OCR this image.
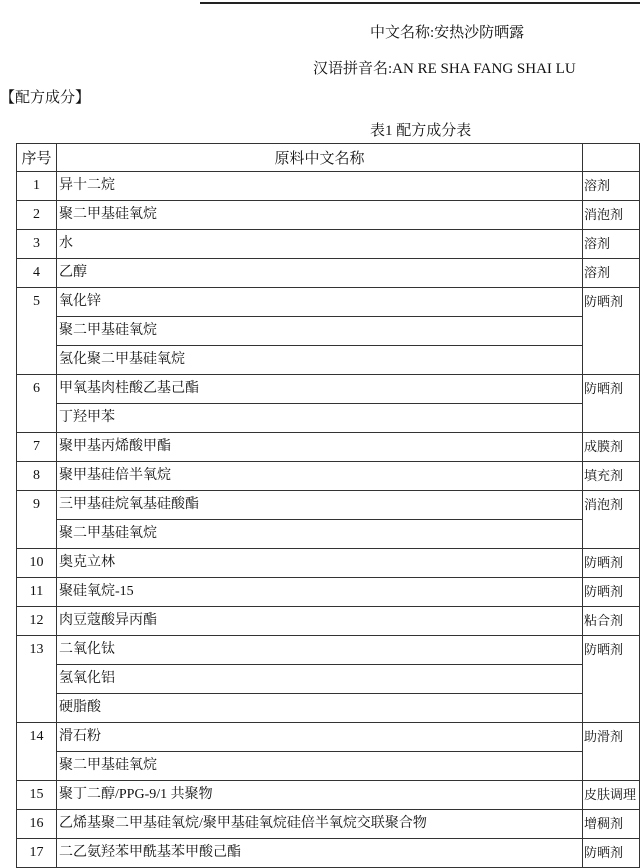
中文名称:安热沙防晒露
汉语拼音名:AN RE SHA FANG SHAI LU
【配方成分】
表1 配方成分表
序号	原料中文名称	
1	异十二烷	溶剂
2	聚二甲基硅氧烷	消泡剂
3	水	溶剂
4	乙醇	溶剂
5	氧化锌	防晒剂
	聚二甲基硅氧烷	
	氢化聚二甲基硅氧烷	
6	甲氧基肉桂酸乙基己酯	防晒剂
	丁羟甲苯	
7	聚甲基丙烯酸甲酯	成膜剂
8	聚甲基硅倍半氧烷	填充剂
9	三甲基硅烷氧基硅酸酯	消泡剂
	聚二甲基硅氧烷	
10	奥克立林	防晒剂
11	聚硅氧烷-15	防晒剂
12	肉豆蔻酸异丙酯	粘合剂
13	二氧化钛	防晒剂
	氢氧化铝	
	硬脂酸	
14	滑石粉	助滑剂
	聚二甲基硅氧烷	
15	聚丁二醇/PPG-9/1 共聚物	皮肤调理
16	乙烯基聚二甲基硅氧烷/聚甲基硅氧烷硅倍半氧烷交联聚合物	增稠剂
17	二乙氨羟苯甲酰基苯甲酸己酯	防晒剂
